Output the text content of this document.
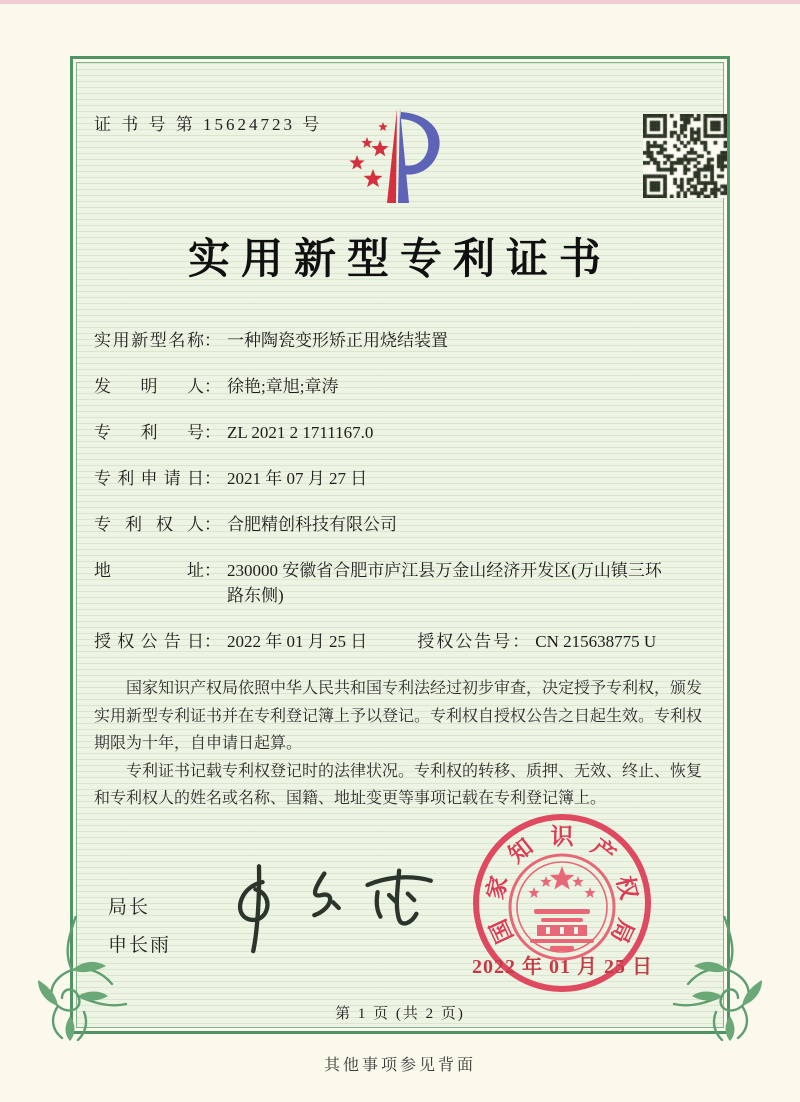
证 书 号 第 15624723 号
实用新型专利证书
实用新型名称 ： 一种陶瓷变形矫正用烧结装置
发明人 ： 徐艳;章旭;章涛
专利号 ： ZL 2021 2 1711167.0
专利申请日 ： 2021 年 07 月 27 日
专利权人 ： 合肥精创科技有限公司
地址 ： 230000 安徽省合肥市庐江县万金山经济开发区(万山镇三环路东侧)
授权公告日 ： 2022 年 01 月 25 日	授权公告号 ： CN 215638775 U

国家知识产权局依照中华人民共和国专利法经过初步审查，决定授予专利权，颁发实用新型专利证书并在专利登记簿上予以登记。专利权自授权公告之日起生效。专利权期限为十年，自申请日起算。

专利证书记载专利权登记时的法律状况。专利权的转移、质押、无效、终止、恢复和专利权人的姓名或名称、国籍、地址变更等事项记载在专利登记簿上。

局长
申长雨	国
家
知 识 产
权
局
2022 年 01 月 25 日
第 1 页 (共 2 页)
其他事项参见背面
